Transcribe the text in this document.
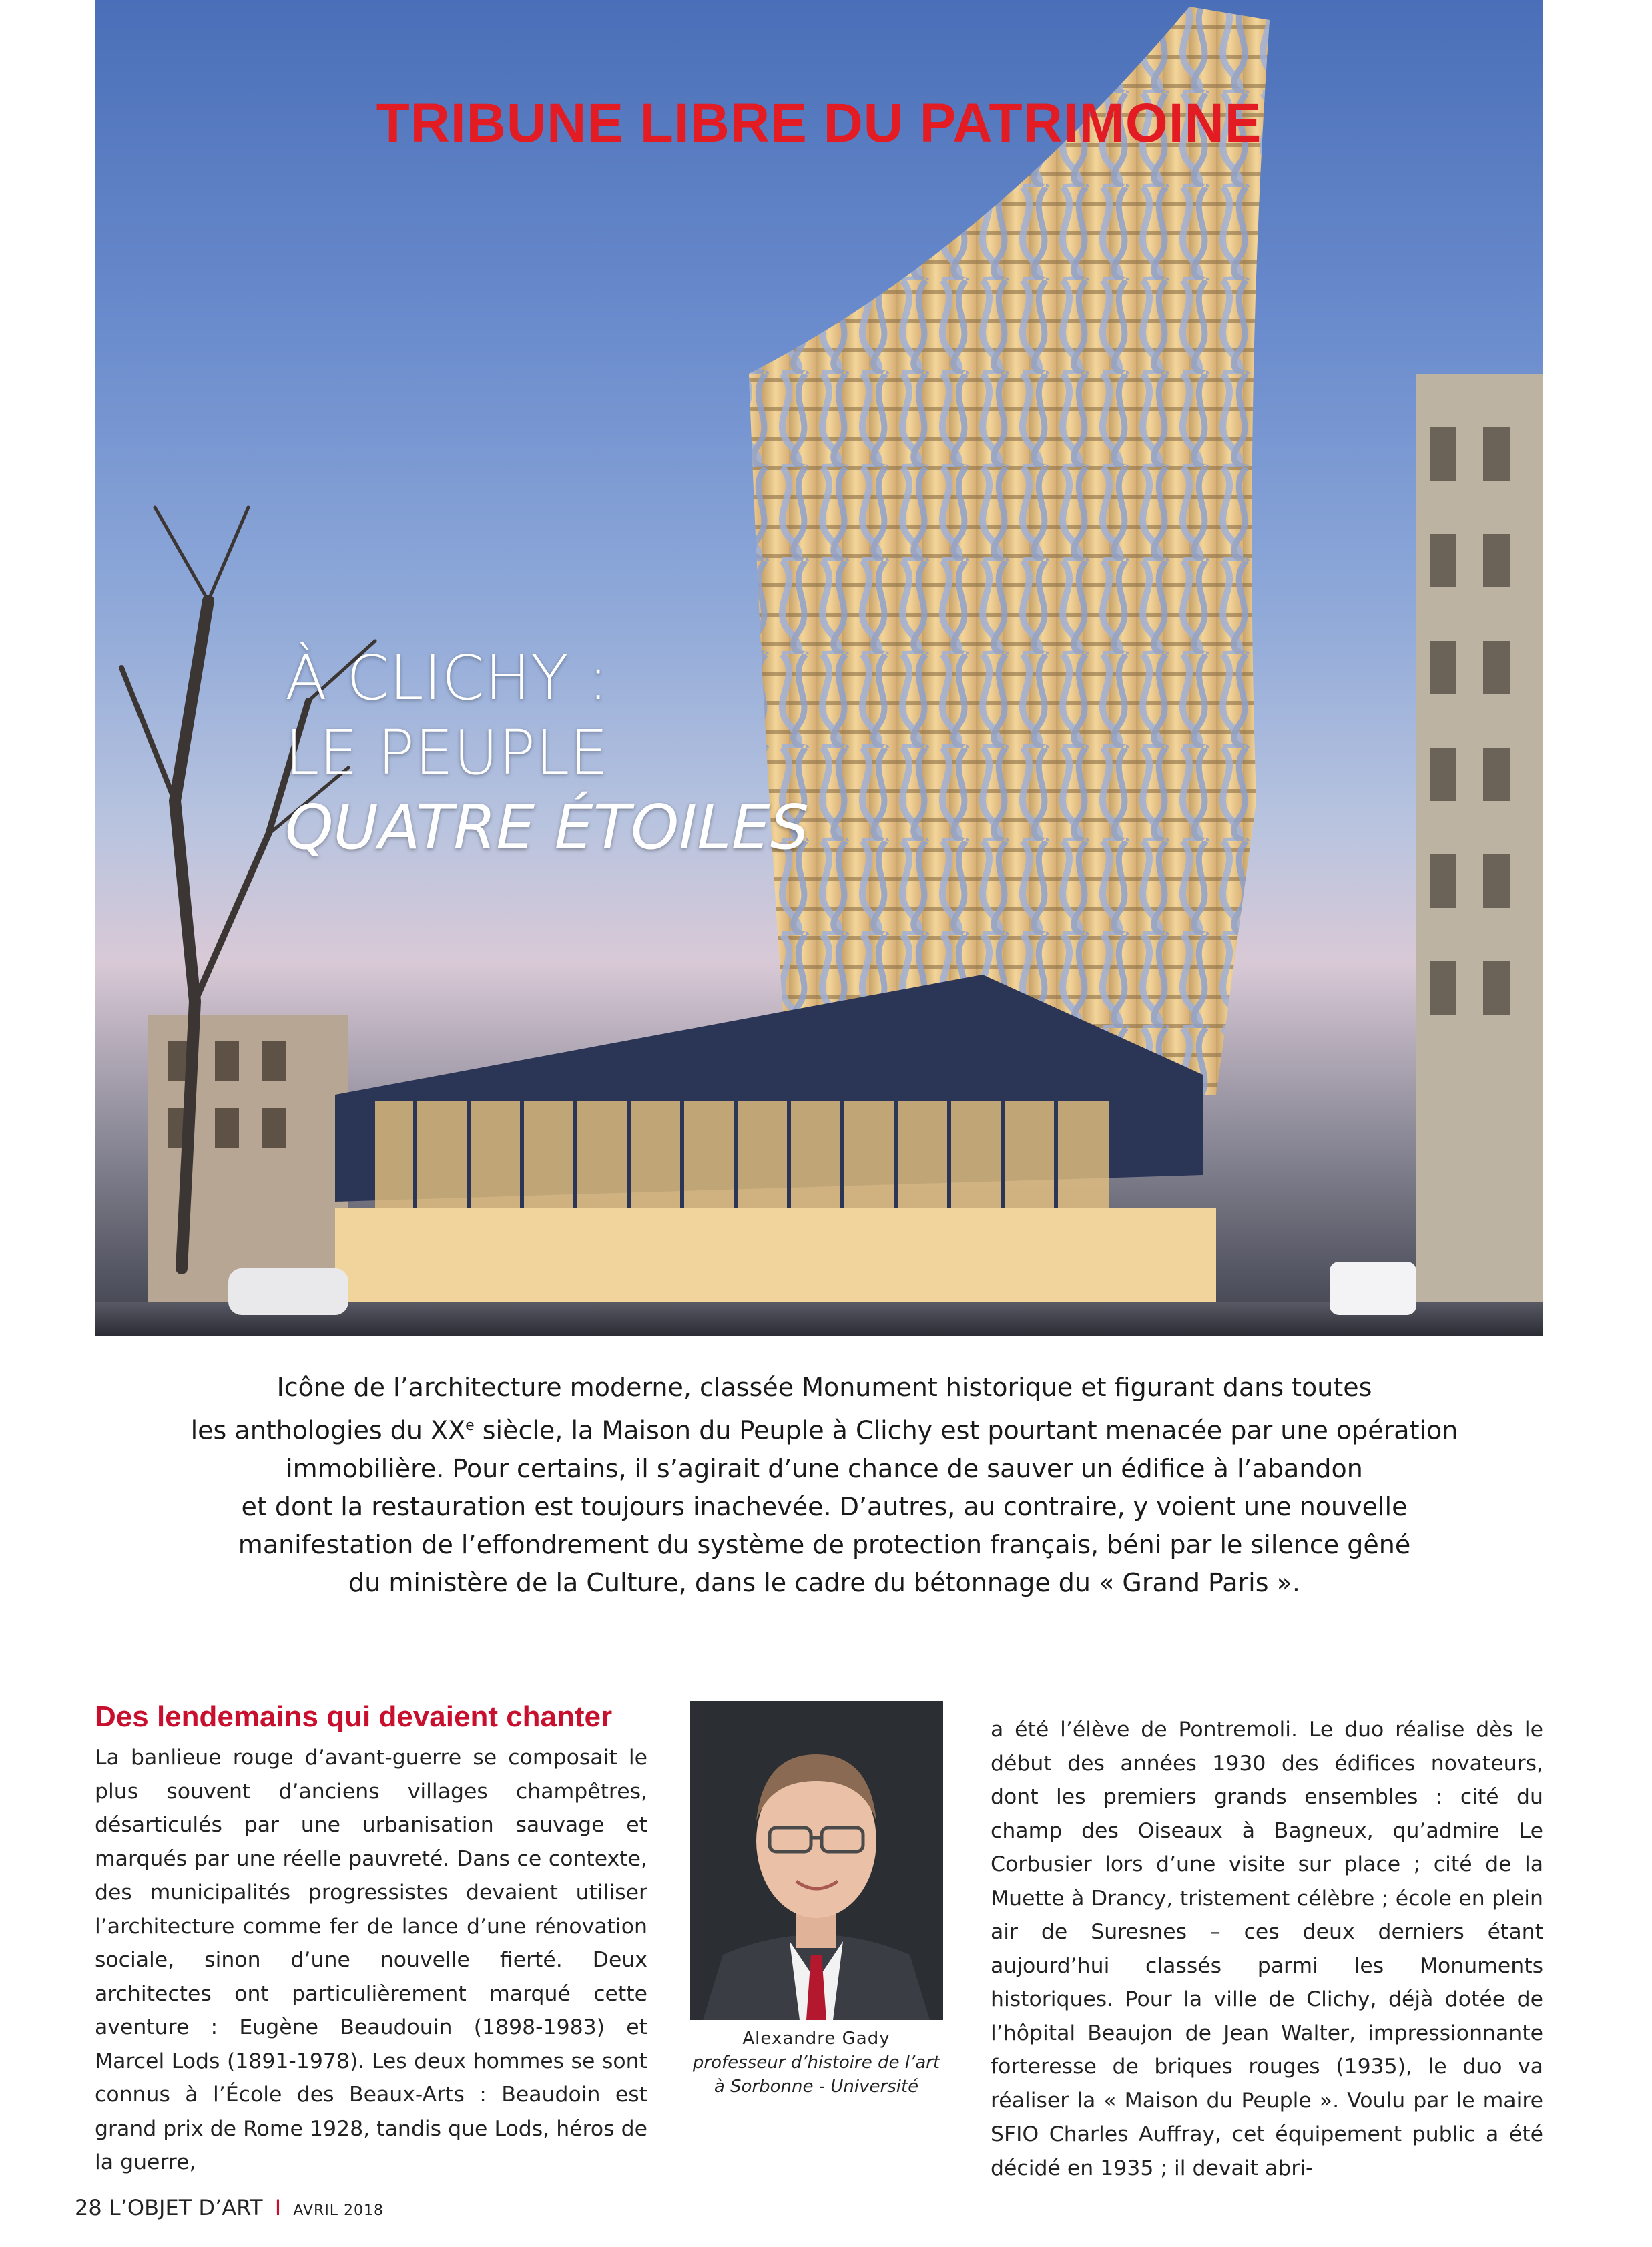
TRIBUNE LIBRE DU PATRIMOINE
À CLICHY :
LE PEUPLE
QUATRE ÉTOILES

Icône de l’architecture moderne, classée Monument historique et figurant dans toutes

les anthologies du XXe siècle, la Maison du Peuple à Clichy est pourtant menacée par une opération

immobilière. Pour certains, il s’agirait d’une chance de sauver un édifice à l’abandon

et dont la restauration est toujours inachevée. D’autres, au contraire, y voient une nouvelle

manifestation de l’effondrement du système de protection français, béni par le silence gêné

du ministère de la Culture, dans le cadre du bétonnage du « Grand Paris ».

Des lendemains qui devaient chanter

La banlieue rouge d’avant-guerre se composait le plus souvent d’anciens villages champêtres, désarticulés par une urbanisation sauvage et marqués par une réelle pauvreté. Dans ce contexte, des municipalités progressistes devaient utiliser l’architecture comme fer de lance d’une rénovation sociale, sinon d’une nouvelle fierté. Deux architectes ont particulièrement marqué cette aventure : Eugène Beaudouin (1898-1983) et Marcel Lods (1891-1978). Les deux hommes se sont connus à l’École des Beaux-Arts : Beaudoin est grand prix de Rome 1928, tandis que Lods, héros de la guerre,

Alexandre Gady
professeur d’histoire de l’art
à Sorbonne - Université

a été l’élève de Pontremoli. Le duo réalise dès le début des années 1930 des édifices novateurs, dont les premiers grands ensembles : cité du champ des Oiseaux à Bagneux, qu’admire Le Corbusier lors d’une visite sur place ; cité de la Muette à Drancy, tristement célèbre ; école en plein air de Suresnes – ces deux derniers étant aujourd’hui classés parmi les Monuments historiques. Pour la ville de Clichy, déjà dotée de l’hôpital Beaujon de Jean Walter, impressionnante forteresse de briques rouges (1935), le duo va réaliser la « Maison du Peuple ». Voulu par le maire SFIO Charles Auffray, cet équipement public a été décidé en 1935 ; il devait abri-

28 L’OBJET D’ART I AVRIL 2018
